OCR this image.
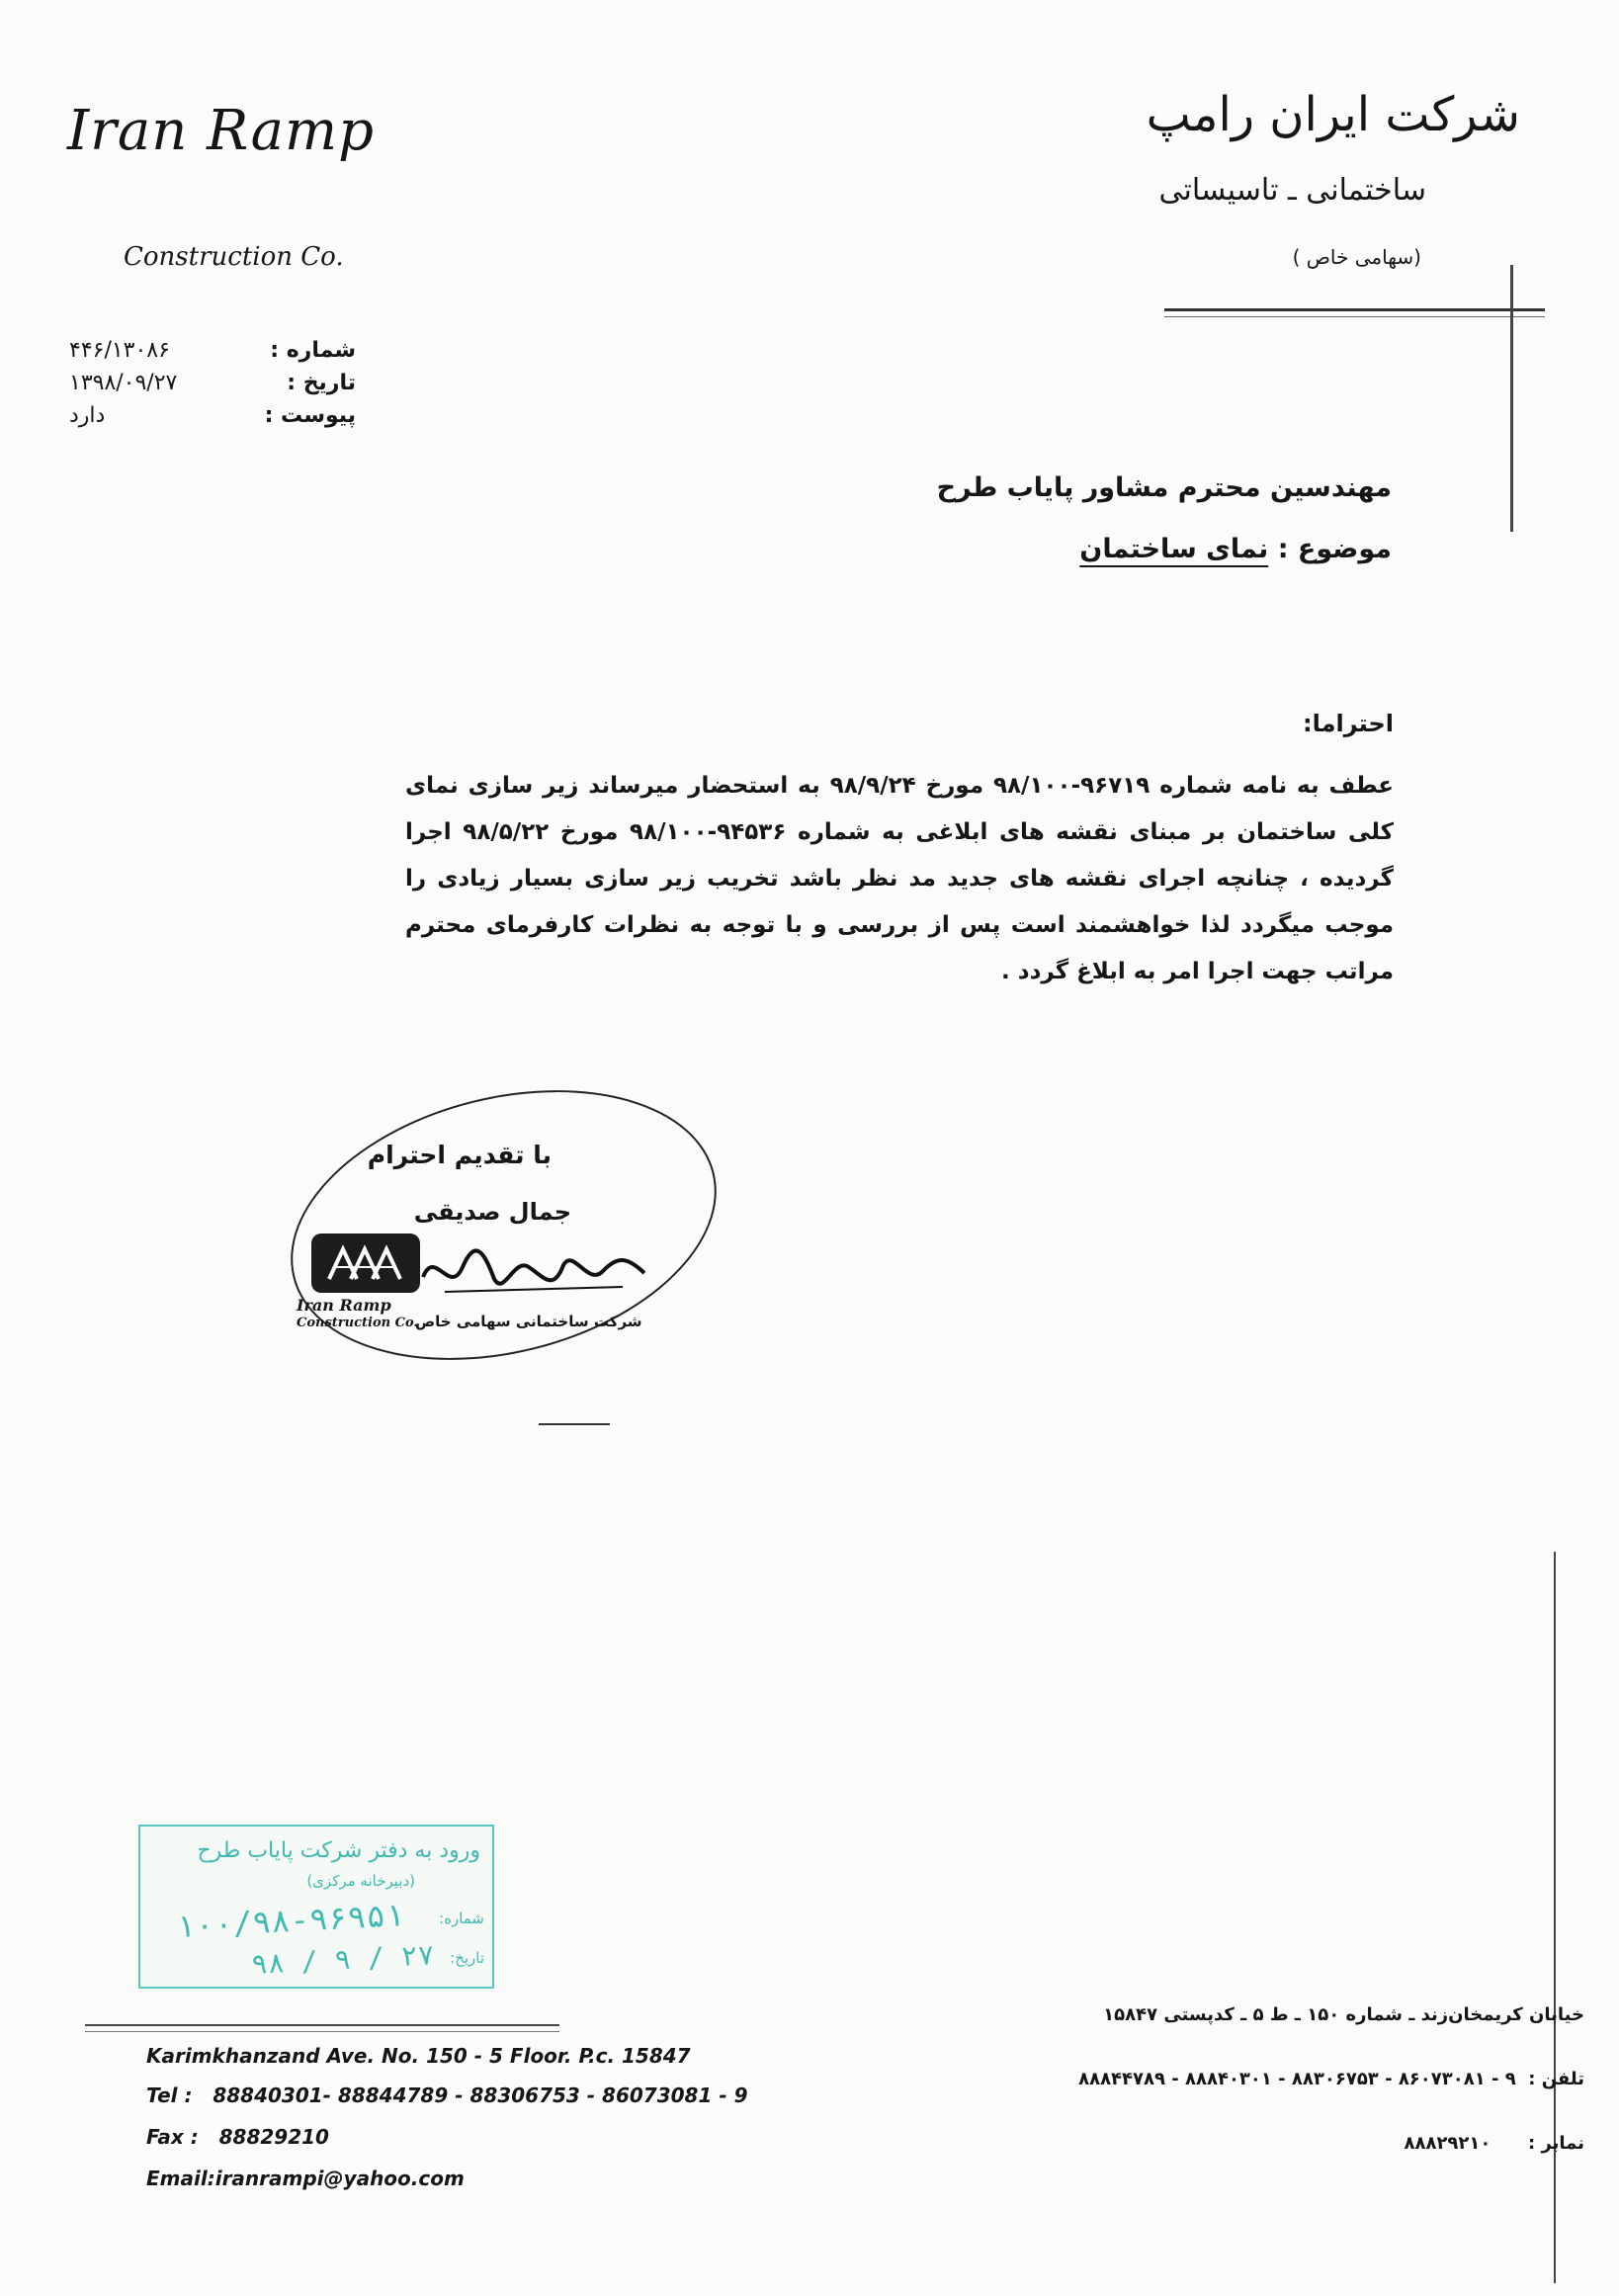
Iran Ramp
Construction Co.
شرکت ایران رامپ
ساختمانی ـ تاسیساتی
(سهامی خاص )
شماره :
۴۴۶/۱۳۰۸۶
تاریخ :
۱۳۹۸/۰۹/۲۷
پیوست :
دارد
مهندسین محترم مشاور پایاب طرح
موضوع : نمای ساختمان
احتراما:
عطف به نامه شماره ۹۶۷۱۹-۹۸/۱۰۰ مورخ ۹۸/۹/۲۴ به استحضار میرساند زیر سازی نمای کلی ساختمان بر مبنای نقشه های ابلاغی به شماره ۹۴۵۳۶-۹۸/۱۰۰ مورخ ۹۸/۵/۲۲ اجرا گردیده ، چنانچه اجرای نقشه های جدید مد نظر باشد تخریب زیر سازی بسیار زیادی را موجب میگردد لذا خواهشمند است پس از بررسی و با توجه به نظرات کارفرمای محترم مراتب جهت اجرا امر به ابلاغ گردد .
با تقدیم احترام
جمال صدیقی
Iran Ramp
Construction Co.
شرکت ساختمانی سهامی خاص
ورود به دفتر شرکت پایاب طرح
(دبیرخانه مرکزی)
شماره:
تاریخ:
۱۰۰/۹۸-۹۶۹۵۱
۹۸ / ۹ / ۲۷
Karimkhanzand Ave. No. 150 - 5 Floor. P.c. 15847
Tel : 88840301- 88844789 - 88306753 - 86073081 - 9
Fax : 88829210
Email:iranrampi@yahoo.com
خیابان کریمخان‌زند ـ شماره ۱۵۰ ـ ط ۵ ـ کدپستی ۱۵۸۴۷
تلفن :  ۹ - ۸۶۰۷۳۰۸۱ - ۸۸۳۰۶۷۵۳ - ۸۸۸۴۰۳۰۱ - ۸۸۸۴۴۷۸۹
نمابر :      ۸۸۸۲۹۲۱۰
